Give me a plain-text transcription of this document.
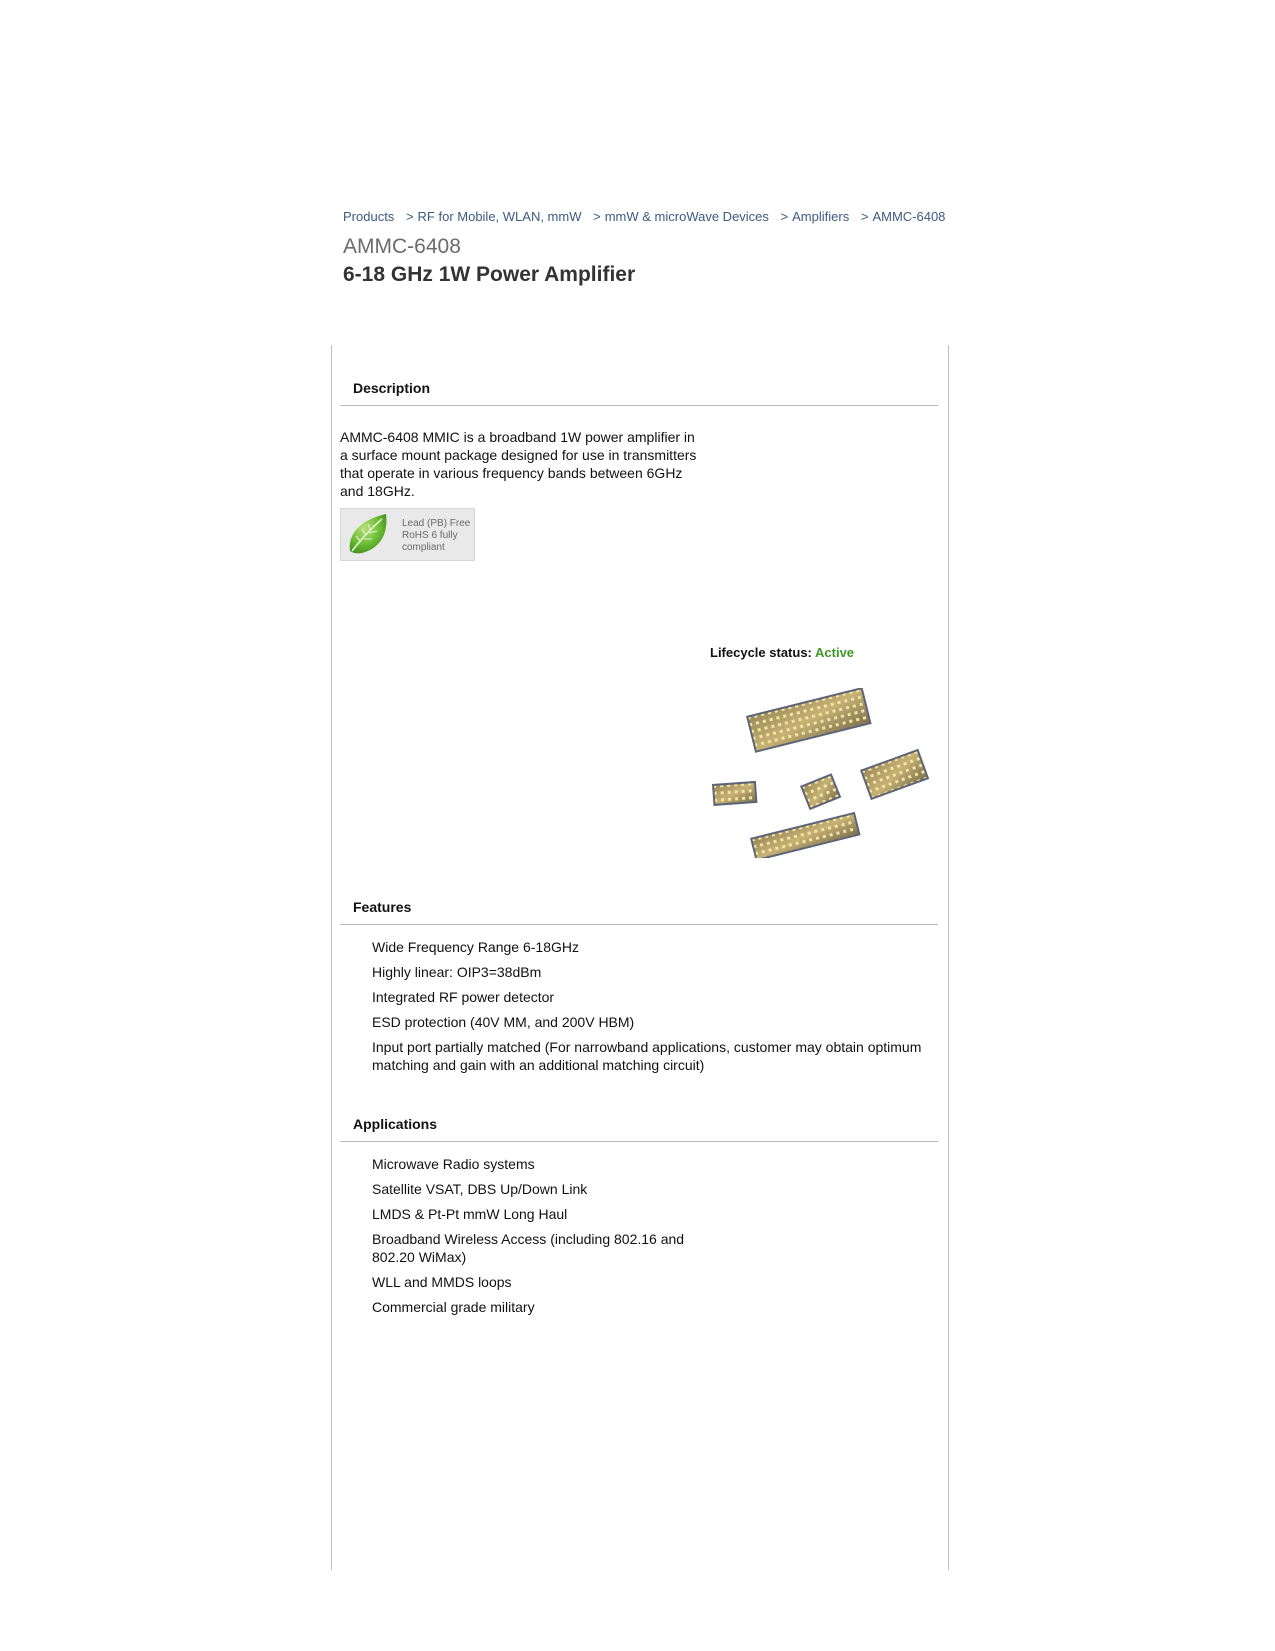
Products > RF for Mobile, WLAN, mmW > mmW & microWave Devices > Amplifiers > AMMC-6408
AMMC-6408
6-18 GHz 1W Power Amplifier
Description
AMMC-6408 MMIC is a broadband 1W power amplifier in a surface mount package designed for use in transmitters that operate in various frequency bands between 6GHz and 18GHz.
Lead (PB) Free
RoHS 6 fully
compliant
Lifecycle status: Active
Features
Wide Frequency Range 6-18GHz
Highly linear: OIP3=38dBm
Integrated RF power detector
ESD protection (40V MM, and 200V HBM)
Input port partially matched (For narrowband applications, customer may obtain optimum matching and gain with an additional matching circuit)
Applications
Microwave Radio systems
Satellite VSAT, DBS Up/Down Link
LMDS & Pt-Pt mmW Long Haul
Broadband Wireless Access (including 802.16 and 802.20 WiMax)
WLL and MMDS loops
Commercial grade military
